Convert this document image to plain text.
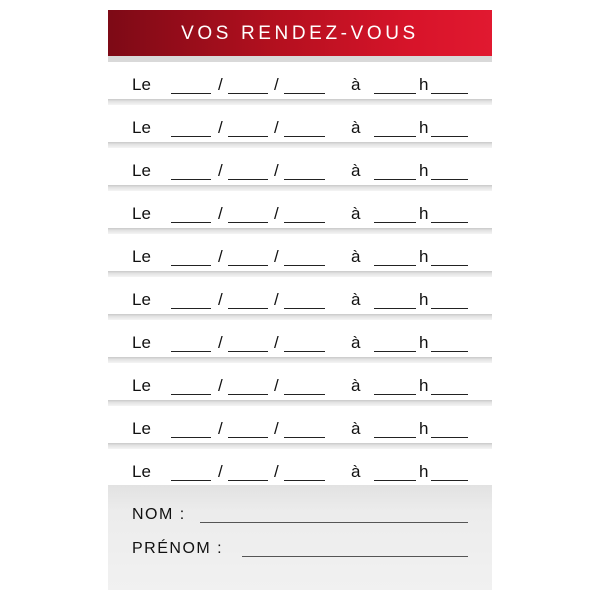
VOS RENDEZ-VOUS
Le	/	/	à	h
Le	/	/	à	h
Le	/	/	à	h
Le	/	/	à	h
Le	/	/	à	h
Le	/	/	à	h
Le	/	/	à	h
Le	/	/	à	h
Le	/	/	à	h
Le	/	/	à	h
NOM :
PRÉNOM :
